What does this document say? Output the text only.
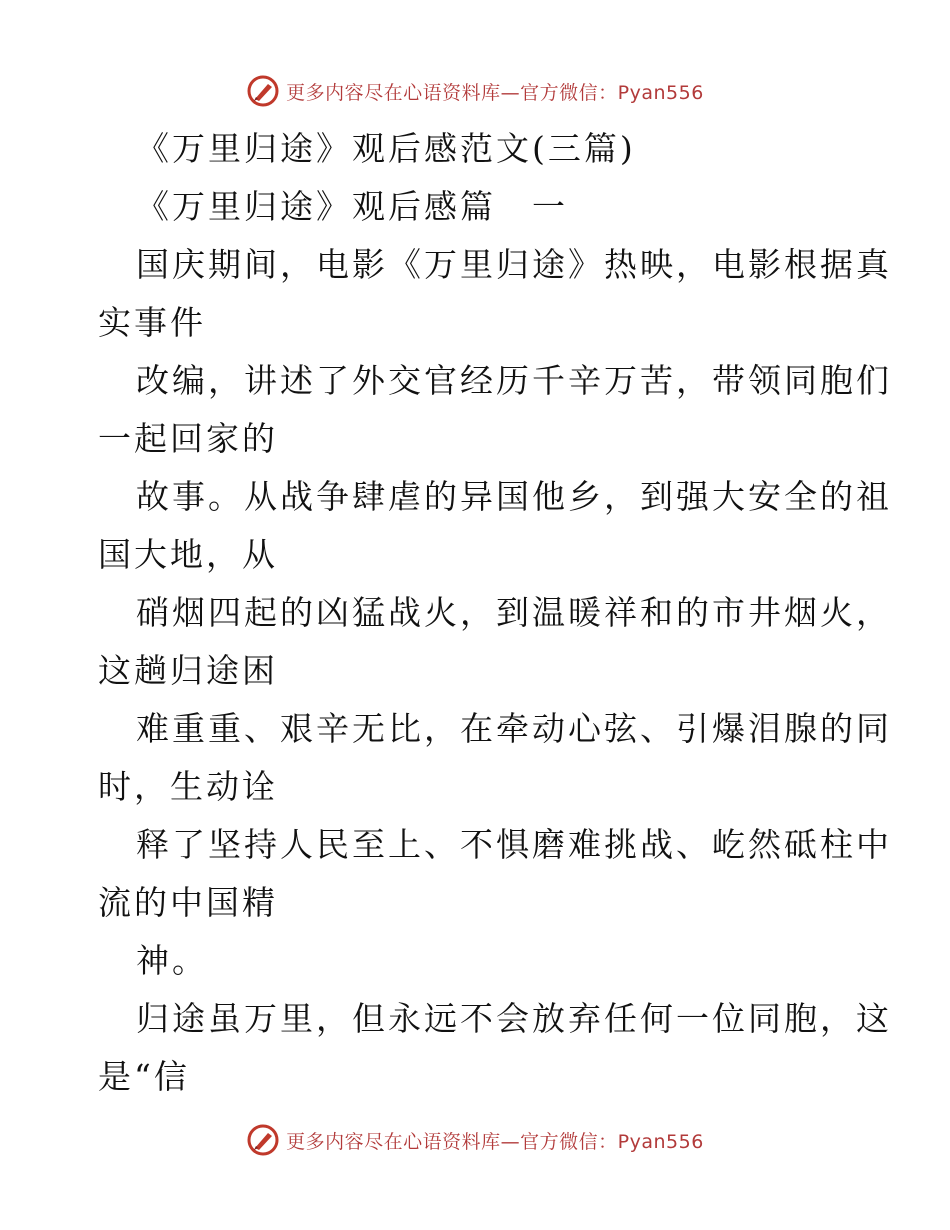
更多内容尽在心语资料库—官方微信：Pyan556
《万里归途》观后感范文(三篇)
《万里归途》观后感篇　一
国庆期间，电影《万里归途》热映，电影根据真
实事件
改编，讲述了外交官经历千辛万苦，带领同胞们
一起回家的
故事。从战争肆虐的异国他乡，到强大安全的祖
国大地，从
硝烟四起的凶猛战火，到温暖祥和的市井烟火，
这趟归途困
难重重、艰辛无比，在牵动心弦、引爆泪腺的同
时，生动诠
释了坚持人民至上、不惧磨难挑战、屹然砥柱中
流的中国精
神。
归途虽万里，但永远不会放弃任何一位同胞，这
是“信
更多内容尽在心语资料库—官方微信：Pyan556
